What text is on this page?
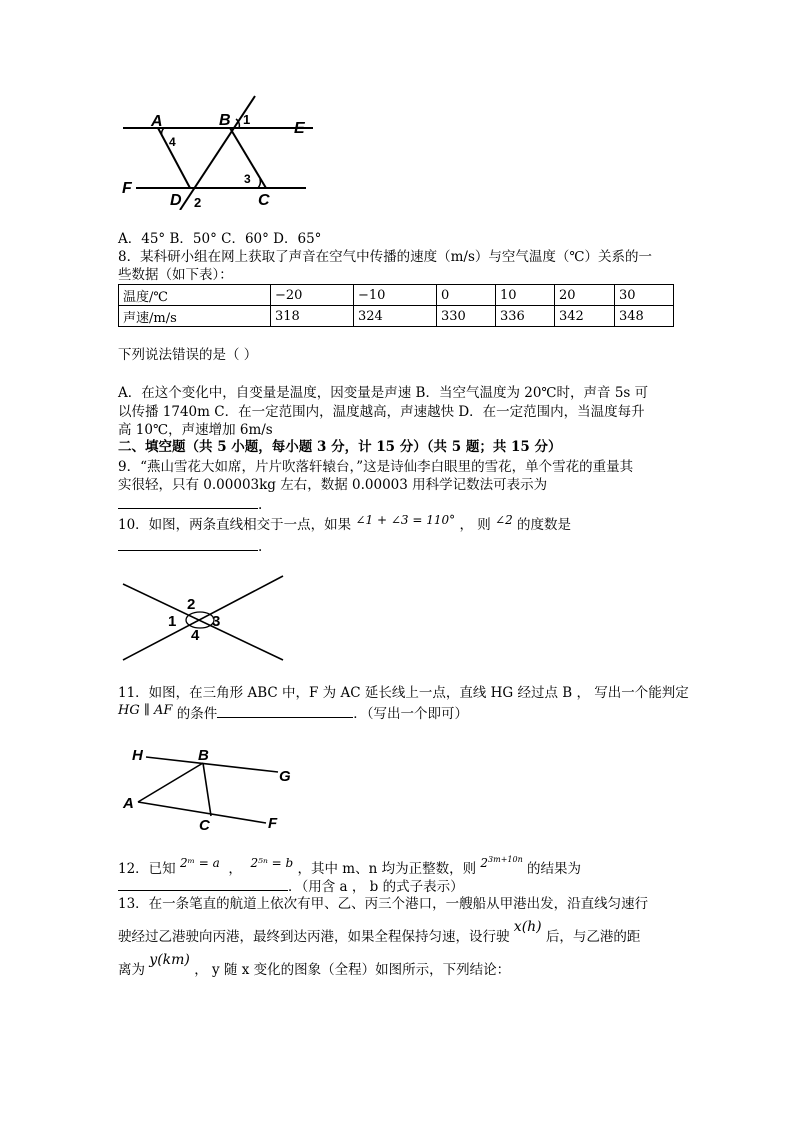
A	B 1
E
4
F
3
D 2	C
A．45° B．50° C．60° D．65°
8．某科研小组在网上获取了声音在空气中传播的速度（m/s）与空气温度（℃）关系的一
些数据（如下表）：
温度/℃	−20	−10	0	10	20	30
声速/m/s	318	324	330	336	342	348
下列说法错误的是（ ）
A．在这个变化中，自变量是温度，因变量是声速 B．当空气温度为 20℃时，声音 5s 可
以传播 1740m C．在一定范围内，温度越高，声速越快 D．在一定范围内，当温度每升
高 10℃，声速增加 6m/s
二、填空题（共 5 小题，每小题 3 分，计 15 分）（共 5 题；共 15 分）
9．“燕山雪花大如席，片片吹落轩辕台，”这是诗仙李白眼里的雪花，单个雪花的重量其
实很轻，只有 0.00003kg 左右，数据 0.00003 用科学记数法可表示为
.
10．如图，两条直线相交于一点，如果 ∠1 + ∠3 = 110° ， 则 ∠2 的度数是
.
1
2
3
4
11．如图，在三角形 ABC 中，F 为 AC 延长线上一点，直线 HG 经过点 B ， 写出一个能判定
HG ∥ AF 的条件	．（写出一个即可）
H	B
G
A
C	F
12．已知 2ᵐ = a  ，  2⁵ⁿ = b ，其中 m、n 均为正整数，则 $2^{3m+10n}$ 的结果为
．（用含 a ， b 的式子表示）
13．在一条笔直的航道上依次有甲、乙、丙三个港口，一艘船从甲港出发，沿直线匀速行
驶经过乙港驶向丙港，最终到达丙港，如果全程保持匀速，设行驶 x(h) 后，与乙港的距
离为 y(km) ， y 随 x 变化的图象（全程）如图所示，下列结论：
